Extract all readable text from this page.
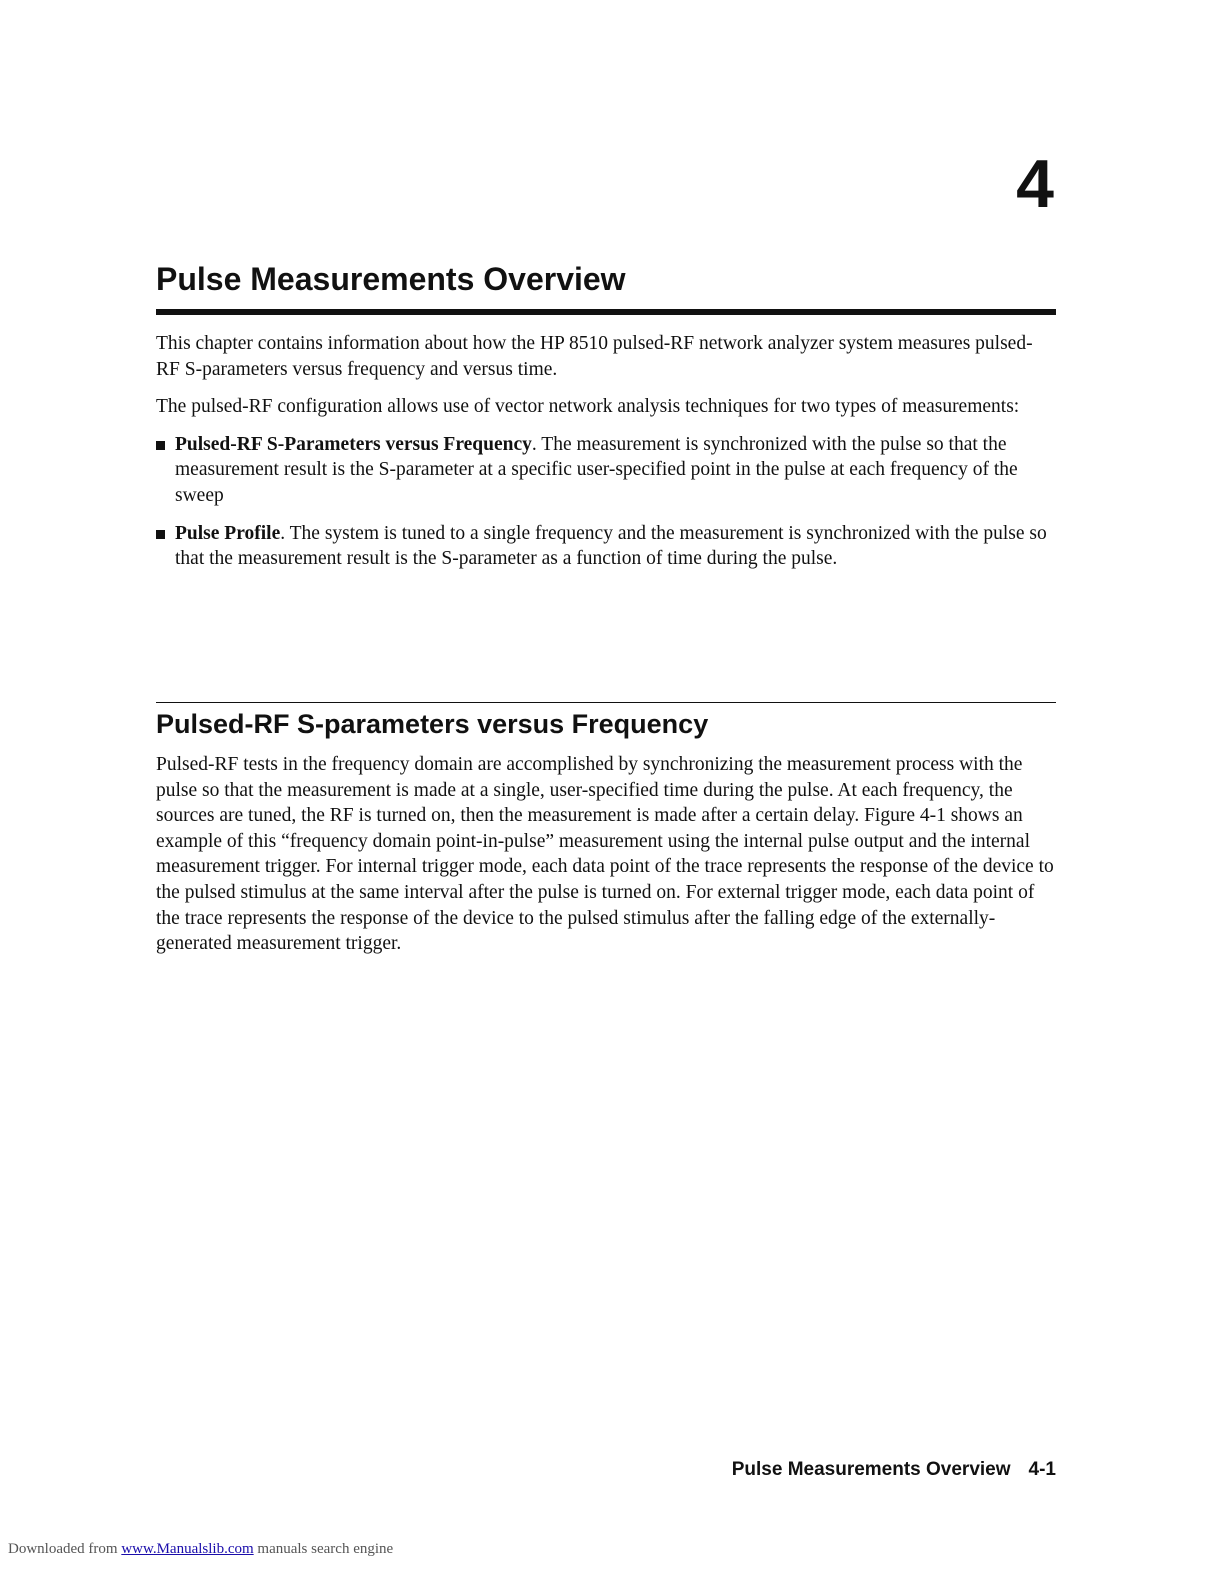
4
Pulse Measurements Overview

This chapter contains information about how the HP 8510 pulsed-RF network analyzer system measures pulsed-RF S-parameters versus frequency and versus time.

The pulsed-RF configuration allows use of vector network analysis techniques for two types of measurements:

Pulsed-RF S-Parameters versus Frequency. The measurement is synchronized with the pulse so that the measurement result is the S-parameter at a specific user-specified point in the pulse at each frequency of the sweep
Pulse Profile. The system is tuned to a single frequency and the measurement is synchronized with the pulse so that the measurement result is the S-parameter as a function of time during the pulse.
Pulsed-RF S-parameters versus Frequency

Pulsed-RF tests in the frequency domain are accomplished by synchronizing the measurement process with the pulse so that the measurement is made at a single, user-specified time during the pulse. At each frequency, the sources are tuned, the RF is turned on, then the measurement is made after a certain delay. Figure 4-1 shows an example of this “frequency domain point-in-pulse” measurement using the internal pulse output and the internal measurement trigger. For internal trigger mode, each data point of the trace represents the response of the device to the pulsed stimulus at the same interval after the pulse is turned on. For external trigger mode, each data point of the trace represents the response of the device to the pulsed stimulus after the falling edge of the externally-generated measurement trigger.

Pulse Measurements Overview 4-1
Downloaded from www.Manualslib.com manuals search engine
